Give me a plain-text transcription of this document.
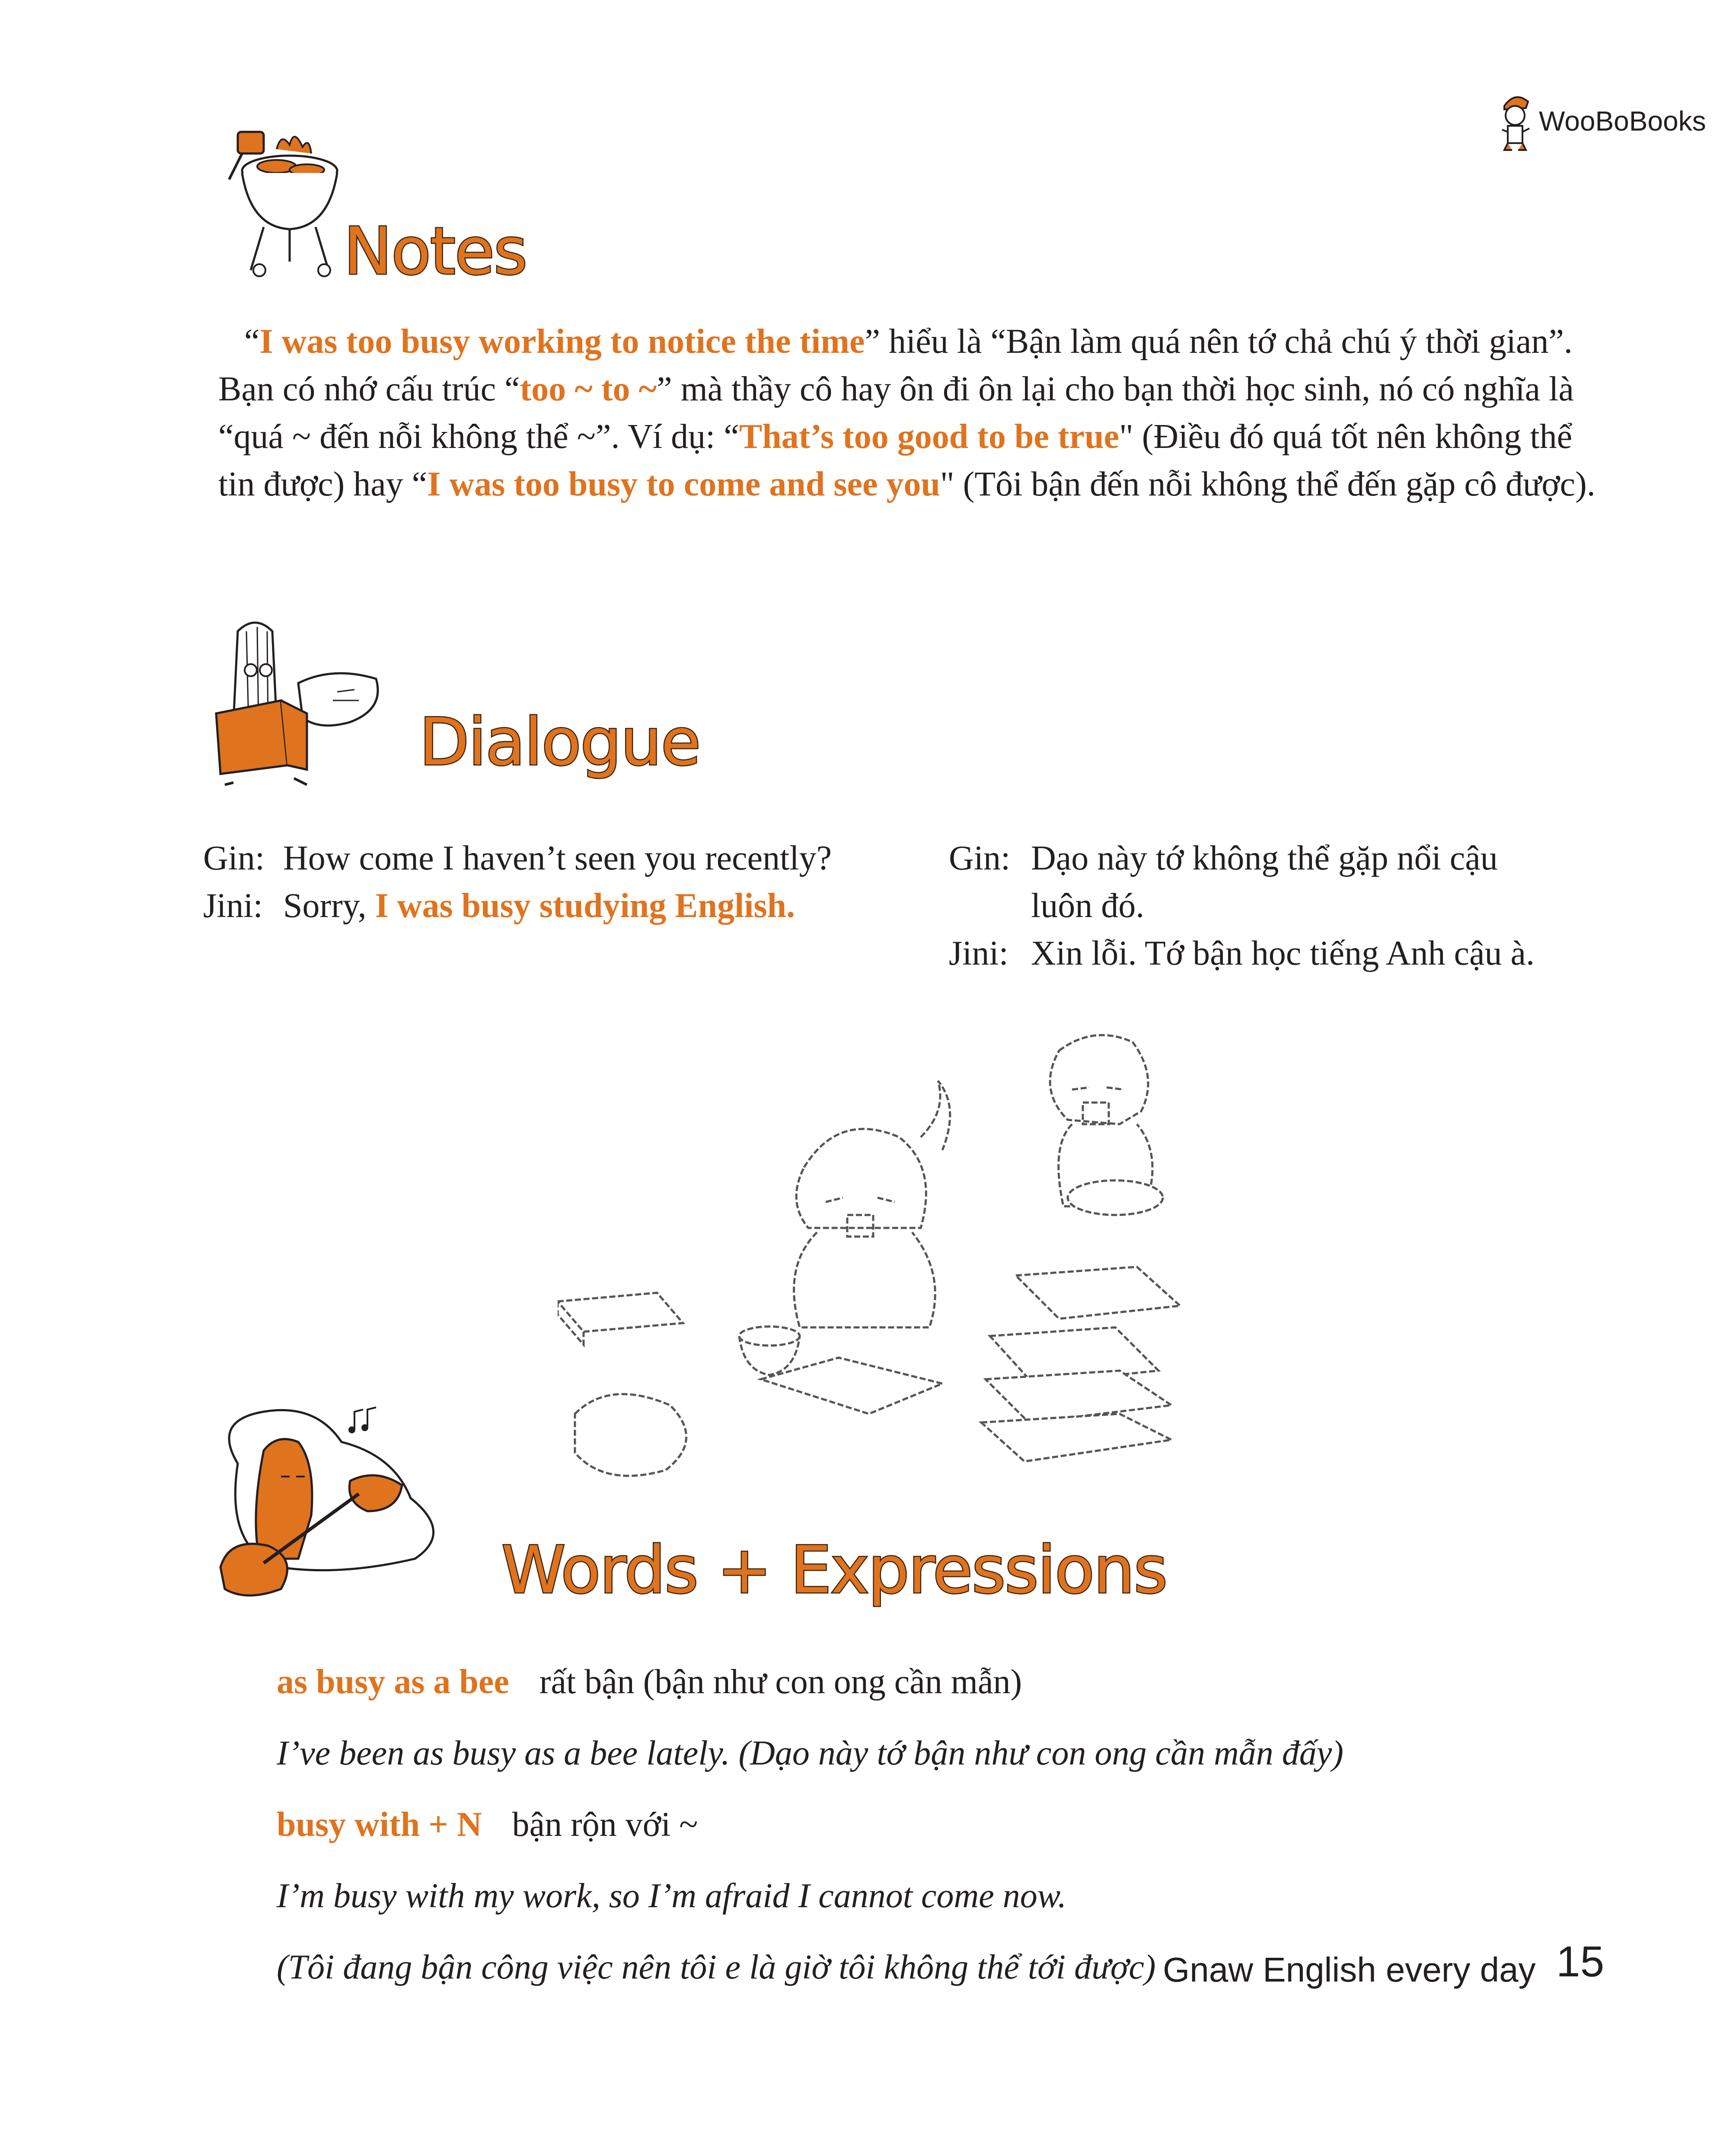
WooBoBooks
Notes

“I was too busy working to notice the time” hiểu là “Bận làm quá nên tớ chả chú ý thời gian”. Bạn có nhớ cấu trúc “too ~ to ~” mà thầy cô hay ôn đi ôn lại cho bạn thời học sinh, nó có nghĩa là “quá ~ đến nỗi không thể ~”. Ví dụ: “That’s too good to be true" (Điều đó quá tốt nên không thể tin được) hay “I was too busy to come and see you" (Tôi bận đến nỗi không thể đến gặp cô được).

Dialogue
Gin: How come I haven’t seen you recently?
Jini: Sorry, I was busy studying English.
Gin: Dạo này tớ không thể gặp nổi cậu
luôn đó.
Jini: Xin lỗi. Tớ bận học tiếng Anh cậu à.
Words + Expressions
as busy as a bee rất bận (bận như con ong cần mẫn)
I’ve been as busy as a bee lately. (Dạo này tớ bận như con ong cần mẫn đấy)
busy with + N bận rộn với ~
I’m busy with my work, so I’m afraid I cannot come now.
(Tôi đang bận công việc nên tôi e là giờ tôi không thể tới được) Gnaw English every day 15
